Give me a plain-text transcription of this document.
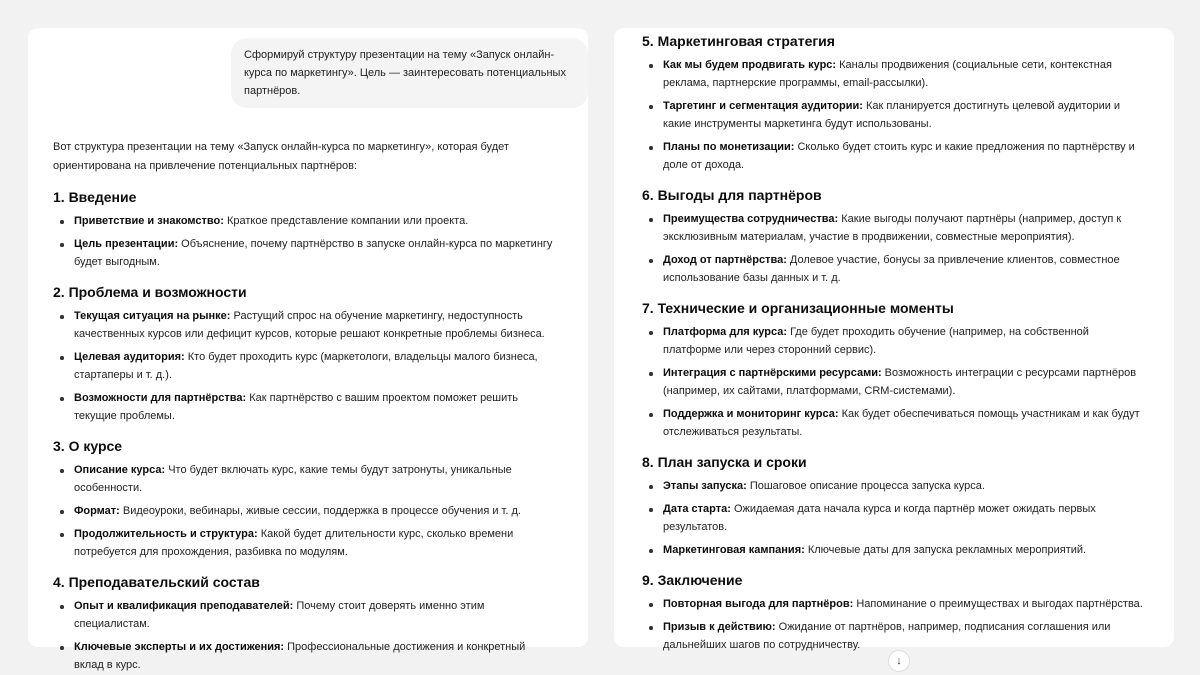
Сформируй структуру презентации на тему «Запуск онлайн-курса по маркетингу». Цель — заинтересовать потенциальных партнёров.
Вот структура презентации на тему «Запуск онлайн-курса по маркетингу», которая будет ориентирована на привлечение потенциальных партнёров:
1. Введение
Приветствие и знакомство: Краткое представление компании или проекта.
Цель презентации: Объяснение, почему партнёрство в запуске онлайн-курса по маркетингу будет выгодным.
2. Проблема и возможности
Текущая ситуация на рынке: Растущий спрос на обучение маркетингу, недоступность качественных курсов или дефицит курсов, которые решают конкретные проблемы бизнеса.
Целевая аудитория: Кто будет проходить курс (маркетологи, владельцы малого бизнеса, стартаперы и т. д.).
Возможности для партнёрства: Как партнёрство с вашим проектом поможет решить текущие проблемы.
3. О курсе
Описание курса: Что будет включать курс, какие темы будут затронуты, уникальные особенности.
Формат: Видеоуроки, вебинары, живые сессии, поддержка в процессе обучения и т. д.
Продолжительность и структура: Какой будет длительности курс, сколько времени потребуется для прохождения, разбивка по модулям.
4. Преподавательский состав
Опыт и квалификация преподавателей: Почему стоит доверять именно этим специалистам.
Ключевые эксперты и их достижения: Профессиональные достижения и конкретный вклад в курс.
5. Маркетинговая стратегия
Как мы будем продвигать курс: Каналы продвижения (социальные сети, контекстная реклама, партнерские программы, email-рассылки).
Таргетинг и сегментация аудитории: Как планируется достигнуть целевой аудитории и какие инструменты маркетинга будут использованы.
Планы по монетизации: Сколько будет стоить курс и какие предложения по партнёрству и доле от дохода.
6. Выгоды для партнёров
Преимущества сотрудничества: Какие выгоды получают партнёры (например, доступ к эксклюзивным материалам, участие в продвижении, совместные мероприятия).
Доход от партнёрства: Долевое участие, бонусы за привлечение клиентов, совместное использование базы данных и т. д.
7. Технические и организационные моменты
Платформа для курса: Где будет проходить обучение (например, на собственной платформе или через сторонний сервис).
Интеграция с партнёрскими ресурсами: Возможность интеграции с ресурсами партнёров (например, их сайтами, платформами, CRM-системами).
Поддержка и мониторинг курса: Как будет обеспечиваться помощь участникам и как будут отслеживаться результаты.
8. План запуска и сроки
Этапы запуска: Пошаговое описание процесса запуска курса.
Дата старта: Ожидаемая дата начала курса и когда партнёр может ожидать первых результатов.
Маркетинговая кампания: Ключевые даты для запуска рекламных мероприятий.
9. Заключение
Повторная выгода для партнёров: Напоминание о преимуществах и выгодах партнёрства.
Призыв к действию: Ожидание от партнёров, например, подписания соглашения или дальнейших шагов по сотрудничеству.
↓
